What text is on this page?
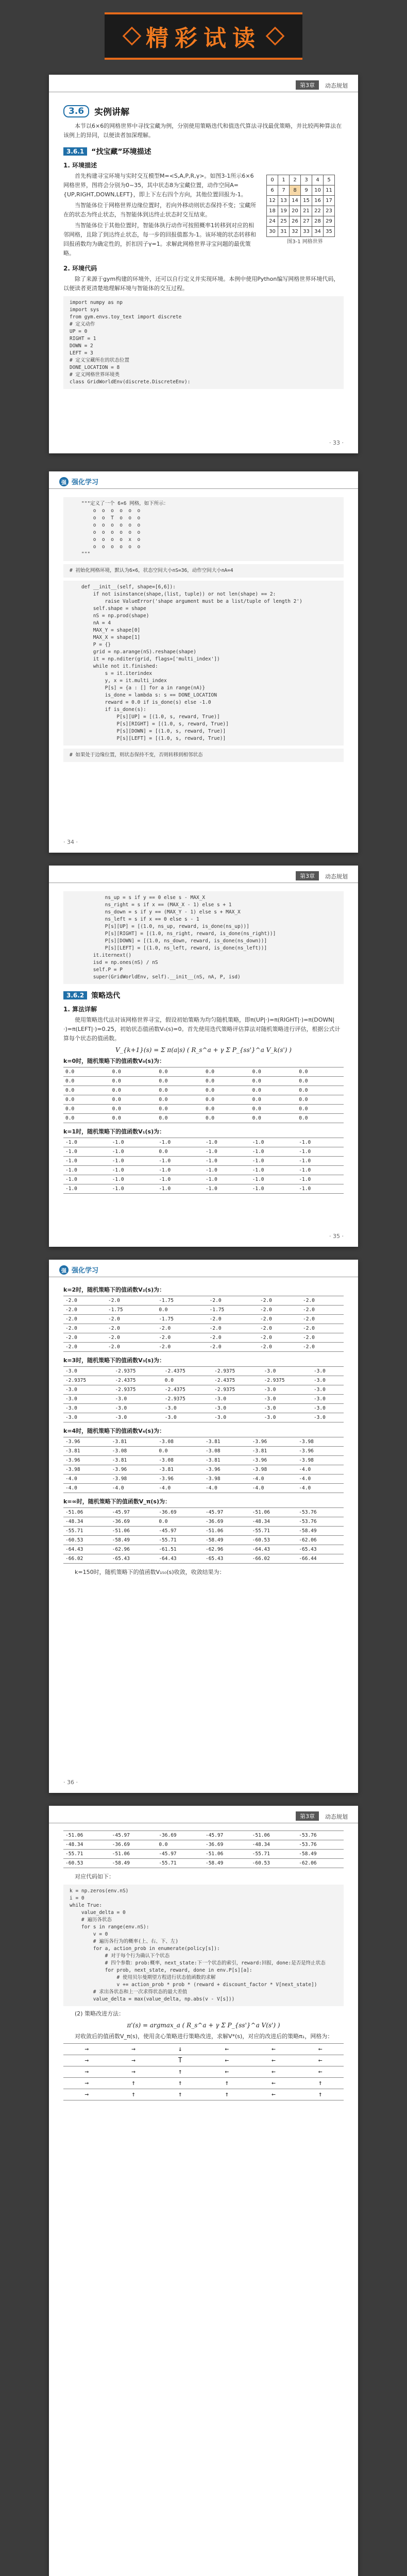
精彩试读
第3章	动态规划
3.6	实例讲解

本节以6×6的网格世界中寻找宝藏为例，分别使用策略迭代和值迭代算法寻找最优策略，并比较两种算法在该例上的异同，以便读者加深理解。

3.6.1	“找宝藏”环境描述
1. 环境描述

首先构建寻宝环境与实时交互模型M=<S,A,P,R,γ>。如图3-1所示6×6网格世界，图将会分别为0~35，其中状态8为宝藏位置，动作空间A={UP,RIGHT,DOWN,LEFT}，即上下左右四个方向，其他位置回报为-1。

当智能体位于网格世界边缘位置时，若向外移动则状态保持不变；宝藏所在的状态为终止状态，当智能体到达终止状态时交互结束。

当智能体位于其他位置时，智能体执行动作可按照概率1转移到对应的相邻网格，且除了到达终止状态，每一步的回报值都为-1。该环境的状态转移和回报函数均为确定性的，折扣因子γ=1。求解此网格世界寻宝问题的最优策略。

0	1	2	3	4	5
6	7	8	9	10	11
12	13	14	15	16	17
18	19	20	21	22	23
24	25	26	27	28	29
30	31	32	33	34	35
图3-1 网格世界
2. 环境代码

除了来源于gym构建的环境外，还可以自行定义并实现环境。本例中使用Python编写网格世界环境代码，以便读者更清楚地理解环境与智能体的交互过程。

import numpy as np
import sys
from gym.envs.toy_text import discrete
# 定义动作
UP = 0
RIGHT = 1
DOWN = 2
LEFT = 3
# 定义宝藏所在的状态位置
DONE_LOCATION = 8
# 定义网格世界环境类
class GridWorldEnv(discrete.DiscreteEnv):
· 33 ·
强 强化学习
"""定义了一个 6×6 网格，如下所示：
o  o  o  o  o  o
o  o  T  o  o  o
o  o  o  o  o  o
o  o  o  o  o  o
o  o  o  o  x  o
o  o  o  o  o  o
"""
# 初始化网格环境，默认为6×6，状态空间大小nS=36，动作空间大小nA=4
def __init__(self, shape=[6,6]):
if not isinstance(shape,(list, tuple)) or not len(shape) == 2:
raise ValueError('shape argument must be a list/tuple of length 2')
self.shape = shape
nS = np.prod(shape)
nA = 4
MAX_Y = shape[0]
MAX_X = shape[1]
P = {}
grid = np.arange(nS).reshape(shape)
it = np.nditer(grid, flags=['multi_index'])
while not it.finished:
s = it.iterindex
y, x = it.multi_index
P[s] = {a : [] for a in range(nA)}
is_done = lambda s: s == DONE_LOCATION
reward = 0.0 if is_done(s) else -1.0
if is_done(s):
P[s][UP] = [(1.0, s, reward, True)]
P[s][RIGHT] = [(1.0, s, reward, True)]
P[s][DOWN] = [(1.0, s, reward, True)]
P[s][LEFT] = [(1.0, s, reward, True)]
# 如果处于边缘位置，则状态保持不变，否则转移到相邻状态
· 34 ·
第3章	动态规划
ns_up = s if y == 0 else s - MAX_X
ns_right = s if x == (MAX_X - 1) else s + 1
ns_down = s if y == (MAX_Y - 1) else s + MAX_X
ns_left = s if x == 0 else s - 1
P[s][UP] = [(1.0, ns_up, reward, is_done(ns_up))]
P[s][RIGHT] = [(1.0, ns_right, reward, is_done(ns_right))]
P[s][DOWN] = [(1.0, ns_down, reward, is_done(ns_down))]
P[s][LEFT] = [(1.0, ns_left, reward, is_done(ns_left))]
it.iternext()
isd = np.ones(nS) / nS
self.P = P
super(GridWorldEnv, self).__init__(nS, nA, P, isd)
3.6.2	策略迭代
1. 算法详解

使用策略迭代法对该网格世界寻宝，假设初始策略为均匀随机策略，即π(UP|·)=π(RIGHT|·)=π(DOWN|·)=π(LEFT|·)=0.25，初始状态值函数V₀(s)=0。首先使用迭代策略评估算法对随机策略进行评估，根据公式计算每个状态的值函数。

V_{k+1}(s) = Σ π(a|s) ( R_s^a + γ Σ P_{ss'}^a V_k(s') )
k=0时，随机策略下的值函数V₀(s)为：
0.0	0.0	0.0	0.0	0.0	0.0
0.0	0.0	0.0	0.0	0.0	0.0
0.0	0.0	0.0	0.0	0.0	0.0
0.0	0.0	0.0	0.0	0.0	0.0
0.0	0.0	0.0	0.0	0.0	0.0
0.0	0.0	0.0	0.0	0.0	0.0
k=1时，随机策略下的值函数V₁(s)为：
-1.0	-1.0	-1.0	-1.0	-1.0	-1.0
-1.0	-1.0	0.0	-1.0	-1.0	-1.0
-1.0	-1.0	-1.0	-1.0	-1.0	-1.0
-1.0	-1.0	-1.0	-1.0	-1.0	-1.0
-1.0	-1.0	-1.0	-1.0	-1.0	-1.0
-1.0	-1.0	-1.0	-1.0	-1.0	-1.0
· 35 ·
强 强化学习
k=2时，随机策略下的值函数V₂(s)为：
-2.0	-2.0	-1.75	-2.0	-2.0	-2.0
-2.0	-1.75	0.0	-1.75	-2.0	-2.0
-2.0	-2.0	-1.75	-2.0	-2.0	-2.0
-2.0	-2.0	-2.0	-2.0	-2.0	-2.0
-2.0	-2.0	-2.0	-2.0	-2.0	-2.0
-2.0	-2.0	-2.0	-2.0	-2.0	-2.0
k=3时，随机策略下的值函数V₃(s)为：
-3.0	-2.9375	-2.4375	-2.9375	-3.0	-3.0
-2.9375	-2.4375	0.0	-2.4375	-2.9375	-3.0
-3.0	-2.9375	-2.4375	-2.9375	-3.0	-3.0
-3.0	-3.0	-2.9375	-3.0	-3.0	-3.0
-3.0	-3.0	-3.0	-3.0	-3.0	-3.0
-3.0	-3.0	-3.0	-3.0	-3.0	-3.0
k=4时，随机策略下的值函数V₄(s)为：
-3.96	-3.81	-3.08	-3.81	-3.96	-3.98
-3.81	-3.08	0.0	-3.08	-3.81	-3.96
-3.96	-3.81	-3.08	-3.81	-3.96	-3.98
-3.98	-3.96	-3.81	-3.96	-3.98	-4.0
-4.0	-3.98	-3.96	-3.98	-4.0	-4.0
-4.0	-4.0	-4.0	-4.0	-4.0	-4.0
k=∞时，随机策略下的值函数V_π(s)为：
-51.06	-45.97	-36.69	-45.97	-51.06	-53.76
-48.34	-36.69	0.0	-36.69	-48.34	-53.76
-55.71	-51.06	-45.97	-51.06	-55.71	-58.49
-60.53	-58.49	-55.71	-58.49	-60.53	-62.06
-64.43	-62.96	-61.51	-62.96	-64.43	-65.43
-66.02	-65.43	-64.43	-65.43	-66.02	-66.44

k=150时，随机策略下的值函数V₁₅₀(s)收敛，收敛结果为：

· 36 ·
第3章	动态规划
-51.06	-45.97	-36.69	-45.97	-51.06	-53.76
-48.34	-36.69	0.0	-36.69	-48.34	-53.76
-55.71	-51.06	-45.97	-51.06	-55.71	-58.49
-60.53	-58.49	-55.71	-58.49	-60.53	-62.06

对应代码如下：

k = np.zeros(env.nS)
i = 0
while True:
value_delta = 0
# 遍历各状态
for s in range(env.nS):
v = 0
# 遍历各行为的概率(上、右、下、左)
for a, action_prob in enumerate(policy[s]):
# 对于每个行为确认下个状态
# 四个参数：prob:概率，next_state:下一个状态的索引，reward:回报，done:是否是终止状态
for prob, next_state, reward, done in env.P[s][a]:
# 使用贝尔曼期望方程进行状态值函数的求解
v += action_prob * prob * (reward + discount_factor * V[next_state])
# 求出各状态和上一次求得状态的最大差值
value_delta = max(value_delta, np.abs(v - V[s]))

(2) 策略改进方法：

π'(s) = argmax_a ( R_s^a + γ Σ P_{ss'}^a V(s') )

对收敛后的值函数V_π(s)，使用贪心策略进行策略改进，求解V*(s)，对应的改进后的策略π₁，网格为：

→	→	↓	←	←	←
→	→	T	←	←	←
→	→	↑	←	←	←
→	↑	↑	↑	←	↑
→	↑	↑	↑	←	↑
